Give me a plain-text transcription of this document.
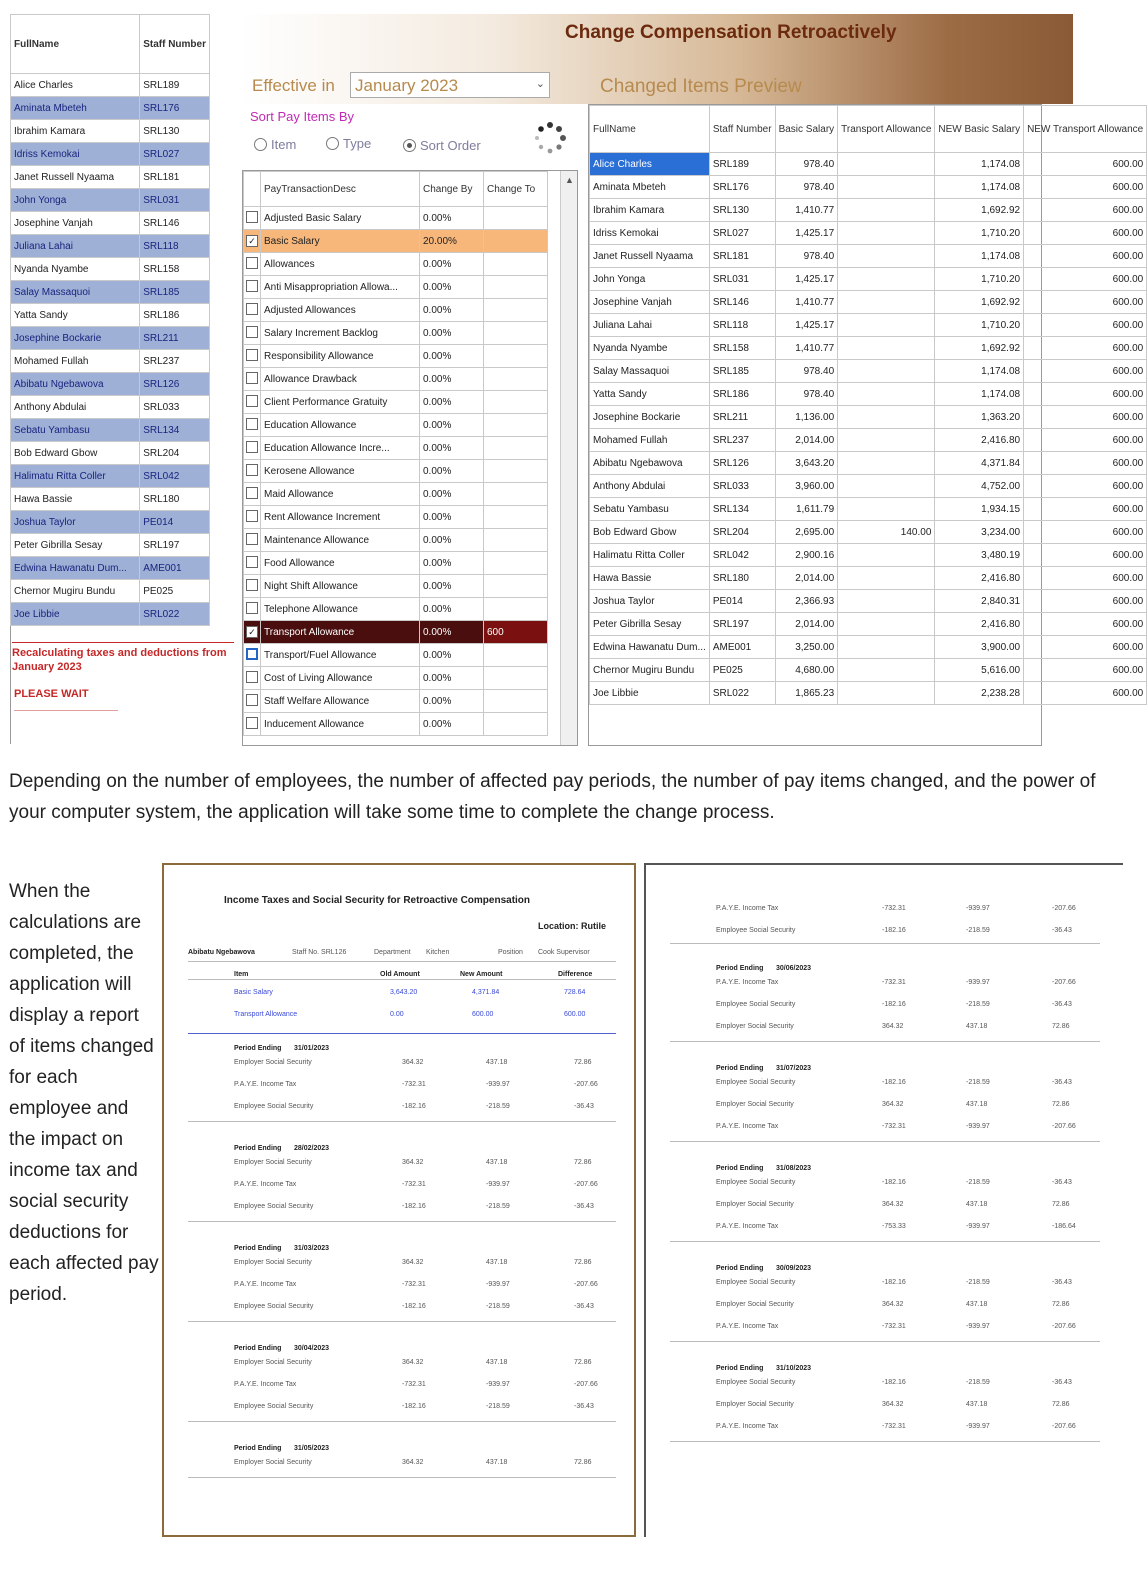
FullName	Staff Number
Alice Charles	SRL189
Aminata Mbeteh	SRL176
Ibrahim Kamara	SRL130
Idriss Kemokai	SRL027
Janet Russell Nyaama	SRL181
John Yonga	SRL031
Josephine Vanjah	SRL146
Juliana Lahai	SRL118
Nyanda Nyambe	SRL158
Salay Massaquoi	SRL185
Yatta Sandy	SRL186
Josephine Bockarie	SRL211
Mohamed Fullah	SRL237
Abibatu Ngebawova	SRL126
Anthony Abdulai	SRL033
Sebatu Yambasu	SRL134
Bob Edward Gbow	SRL204
Halimatu Ritta Coller	SRL042
Hawa Bassie	SRL180
Joshua Taylor	PE014
Peter Gibrilla Sesay	SRL197
Edwina Hawanatu Dum...	AME001
Chernor Mugiru Bundu	PE025
Joe Libbie	SRL022
Recalculating taxes and deductions from January 2023
PLEASE WAIT
Change Compensation Retroactively
Effective in January 2023	⌄	Changed Items Preview
Sort Pay Items By
Item	Type	Sort Order
	PayTransactionDesc	Change By	Change To
	Adjusted Basic Salary	0.00%	
✓	Basic Salary	20.00%	
	Allowances	0.00%	
	Anti Misappropriation Allowa...	0.00%	
	Adjusted Allowances	0.00%	
	Salary Increment Backlog	0.00%	
	Responsibility Allowance	0.00%	
	Allowance Drawback	0.00%	
	Client Performance Gratuity	0.00%	
	Education Allowance	0.00%	
	Education Allowance Incre...	0.00%	
	Kerosene Allowance	0.00%	
	Maid Allowance	0.00%	
	Rent Allowance Increment	0.00%	
	Maintenance Allowance	0.00%	
	Food Allowance	0.00%	
	Night Shift Allowance	0.00%	
	Telephone Allowance	0.00%	
✓	Transport Allowance	0.00%	600
	Transport/Fuel Allowance	0.00%	
	Cost of Living Allowance	0.00%	
	Staff Welfare Allowance	0.00%	
	Inducement Allowance	0.00%	
▲
FullName	Staff Number	Basic Salary	Transport Allowance	NEW Basic Salary	NEW Transport Allowance
Alice Charles	SRL189	978.40		1,174.08	600.00
Aminata Mbeteh	SRL176	978.40		1,174.08	600.00
Ibrahim Kamara	SRL130	1,410.77		1,692.92	600.00
Idriss Kemokai	SRL027	1,425.17		1,710.20	600.00
Janet Russell Nyaama	SRL181	978.40		1,174.08	600.00
John Yonga	SRL031	1,425.17		1,710.20	600.00
Josephine Vanjah	SRL146	1,410.77		1,692.92	600.00
Juliana Lahai	SRL118	1,425.17		1,710.20	600.00
Nyanda Nyambe	SRL158	1,410.77		1,692.92	600.00
Salay Massaquoi	SRL185	978.40		1,174.08	600.00
Yatta Sandy	SRL186	978.40		1,174.08	600.00
Josephine Bockarie	SRL211	1,136.00		1,363.20	600.00
Mohamed Fullah	SRL237	2,014.00		2,416.80	600.00
Abibatu Ngebawova	SRL126	3,643.20		4,371.84	600.00
Anthony Abdulai	SRL033	3,960.00		4,752.00	600.00
Sebatu Yambasu	SRL134	1,611.79		1,934.15	600.00
Bob Edward Gbow	SRL204	2,695.00	140.00	3,234.00	600.00
Halimatu Ritta Coller	SRL042	2,900.16		3,480.19	600.00
Hawa Bassie	SRL180	2,014.00		2,416.80	600.00
Joshua Taylor	PE014	2,366.93		2,840.31	600.00
Peter Gibrilla Sesay	SRL197	2,014.00		2,416.80	600.00
Edwina Hawanatu Dum...	AME001	3,250.00		3,900.00	600.00
Chernor Mugiru Bundu	PE025	4,680.00		5,616.00	600.00
Joe Libbie	SRL022	1,865.23		2,238.28	600.00
Depending on the number of employees, the number of affected pay periods, the number of pay items changed, and the power of your computer system, the application will take some time to complete the change process.
When the calculations are completed, the application will display a report of items changed for each employee and the impact on income tax and social security deductions for each affected pay period.
Income Taxes and Social Security for Retroactive Compensation
Location: Rutile
Abibatu Ngebawova	Staff No. SRL126	Department Kitchen	Position Cook Supervisor
Item	Old Amount	New Amount	Difference
Basic Salary	3,643.20	4,371.84	728.64
Transport Allowance	0.00	600.00	600.00
Period Ending 31/01/2023
Employer Social Security	364.32	437.18	72.86
P.A.Y.E. Income Tax	-732.31	-939.97	-207.66
Employee Social Security	-182.16	-218.59	-36.43
Period Ending 28/02/2023
Employer Social Security	364.32	437.18	72.86
P.A.Y.E. Income Tax	-732.31	-939.97	-207.66
Employee Social Security	-182.16	-218.59	-36.43
Period Ending 31/03/2023
Employer Social Security	364.32	437.18	72.86
P.A.Y.E. Income Tax	-732.31	-939.97	-207.66
Employee Social Security	-182.16	-218.59	-36.43
Period Ending 30/04/2023
Employer Social Security	364.32	437.18	72.86
P.A.Y.E. Income Tax	-732.31	-939.97	-207.66
Employee Social Security	-182.16	-218.59	-36.43
Period Ending 31/05/2023
Employer Social Security	364.32	437.18	72.86
P.A.Y.E. Income Tax	-732.31	-939.97	-207.66
Employee Social Security	-182.16	-218.59	-36.43
Period Ending 30/06/2023
P.A.Y.E. Income Tax	-732.31	-939.97	-207.66
Employee Social Security	-182.16	-218.59	-36.43
Employer Social Security	364.32	437.18	72.86
Period Ending 31/07/2023
Employee Social Security	-182.16	-218.59	-36.43
Employer Social Security	364.32	437.18	72.86
P.A.Y.E. Income Tax	-732.31	-939.97	-207.66
Period Ending 31/08/2023
Employee Social Security	-182.16	-218.59	-36.43
Employer Social Security	364.32	437.18	72.86
P.A.Y.E. Income Tax	-753.33	-939.97	-186.64
Period Ending 30/09/2023
Employee Social Security	-182.16	-218.59	-36.43
Employer Social Security	364.32	437.18	72.86
P.A.Y.E. Income Tax	-732.31	-939.97	-207.66
Period Ending 31/10/2023
Employee Social Security	-182.16	-218.59	-36.43
Employer Social Security	364.32	437.18	72.86
P.A.Y.E. Income Tax	-732.31	-939.97	-207.66
